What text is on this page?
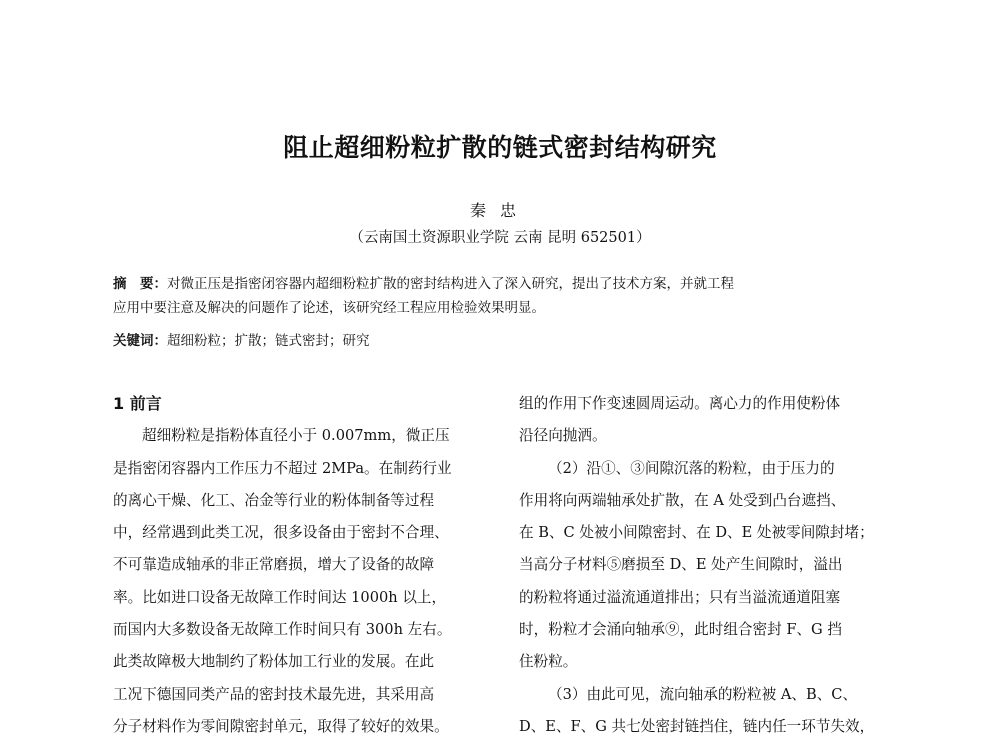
阻止超细粉粒扩散的链式密封结构研究
秦忠
（云南国土资源职业学院 云南 昆明 652501）
摘　要：对微正压是指密闭容器内超细粉粒扩散的密封结构进入了深入研究，提出了技术方案，并就工程
应用中要注意及解决的问题作了论述，该研究经工程应用检验效果明显。
关键词：超细粉粒；扩散；链式密封；研究
1 前言
超细粉粒是指粉体直径小于 0.007mm，微正压
是指密闭容器内工作压力不超过 2MPa。在制药行业
的离心干燥、化工、冶金等行业的粉体制备等过程
中，经常遇到此类工况，很多设备由于密封不合理、
不可靠造成轴承的非正常磨损，增大了设备的故障
率。比如进口设备无故障工作时间达 1000h 以上，
而国内大多数设备无故障工作时间只有 300h 左右。
此类故障极大地制约了粉体加工行业的发展。在此
工况下德国同类产品的密封技术最先进，其采用高
分子材料作为零间隙密封单元，取得了较好的效果。
组的作用下作变速圆周运动。离心力的作用使粉体
沿径向抛洒。
（2）沿①、③间隙沉落的粉粒，由于压力的
作用将向两端轴承处扩散，在 A 处受到凸台遮挡、
在 B、C 处被小间隙密封、在 D、E 处被零间隙封堵；
当高分子材料⑤磨损至 D、E 处产生间隙时，溢出
的粉粒将通过溢流通道排出；只有当溢流通道阻塞
时，粉粒才会涌向轴承⑨，此时组合密封 F、G 挡
住粉粒。
（3）由此可见，流向轴承的粉粒被 A、B、C、
D、E、F、G 共七处密封链挡住，链内任一环节失效，
